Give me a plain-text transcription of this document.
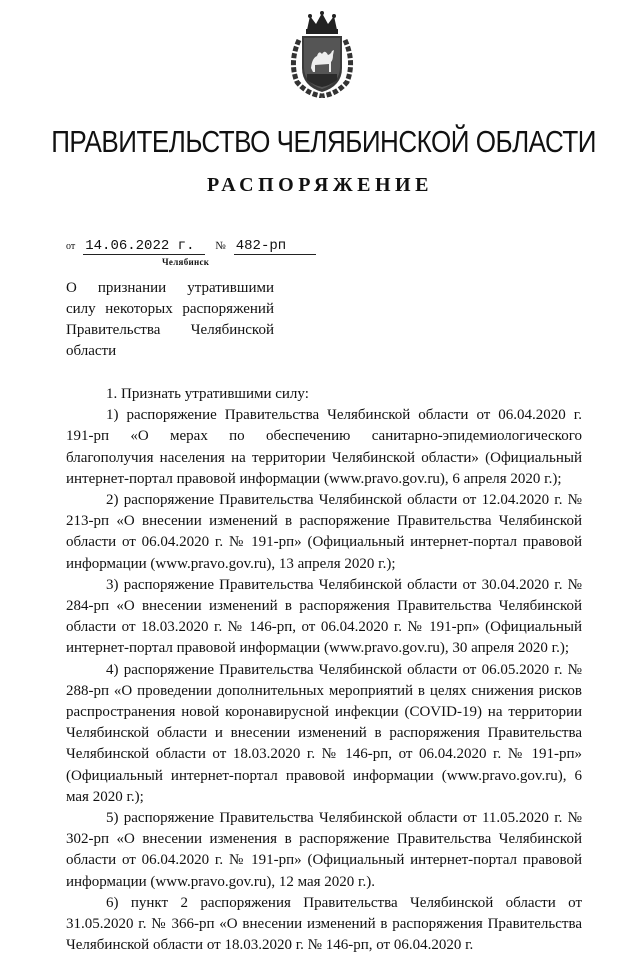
ПРАВИТЕЛЬСТВО ЧЕЛЯБИНСКОЙ ОБЛАСТИ
РАСПОРЯЖЕНИЕ
от 14.06.2022 г. № 482-рп
Челябинск
О признании утратившими
силу некоторых распоряжений
Правительства Челябинской
области

1. Признать утратившими силу:

1) распоряжение Правительства Челябинской области от 06.04.2020 г. 191-рп «О мерах по обеспечению санитарно-эпидемиологического благополучия населения на территории Челябинской области» (Официальный интернет-портал правовой информации (www.pravo.gov.ru), 6 апреля 2020 г.);

2) распоряжение Правительства Челябинской области от 12.04.2020 г. № 213-рп «О внесении изменений в распоряжение Правительства Челябинской области от 06.04.2020 г. № 191-рп» (Официальный интернет-портал правовой информации (www.pravo.gov.ru), 13 апреля 2020 г.);

3) распоряжение Правительства Челябинской области от 30.04.2020 г. № 284-рп «О внесении изменений в распоряжения Правительства Челябинской области от 18.03.2020 г. № 146-рп, от 06.04.2020 г. № 191-рп» (Официальный интернет-портал правовой информации (www.pravo.gov.ru), 30 апреля 2020 г.);

4) распоряжение Правительства Челябинской области от 06.05.2020 г. № 288-рп «О проведении дополнительных мероприятий в целях снижения рисков распространения новой коронавирусной инфекции (COVID-19) на территории Челябинской области и внесении изменений в распоряжения Правительства Челябинской области от 18.03.2020 г. № 146-рп, от 06.04.2020 г. № 191-рп» (Официальный интернет-портал правовой информации (www.pravo.gov.ru), 6 мая 2020 г.);

5) распоряжение Правительства Челябинской области от 11.05.2020 г. № 302-рп «О внесении изменения в распоряжение Правительства Челябинской области от 06.04.2020 г. № 191-рп» (Официальный интернет-портал правовой информации (www.pravo.gov.ru), 12 мая 2020 г.).

6) пункт 2 распоряжения Правительства Челябинской области от 31.05.2020 г. № 366-рп «О внесении изменений в распоряжения Правительства Челябинской области от 18.03.2020 г. № 146-рп, от 06.04.2020 г.
